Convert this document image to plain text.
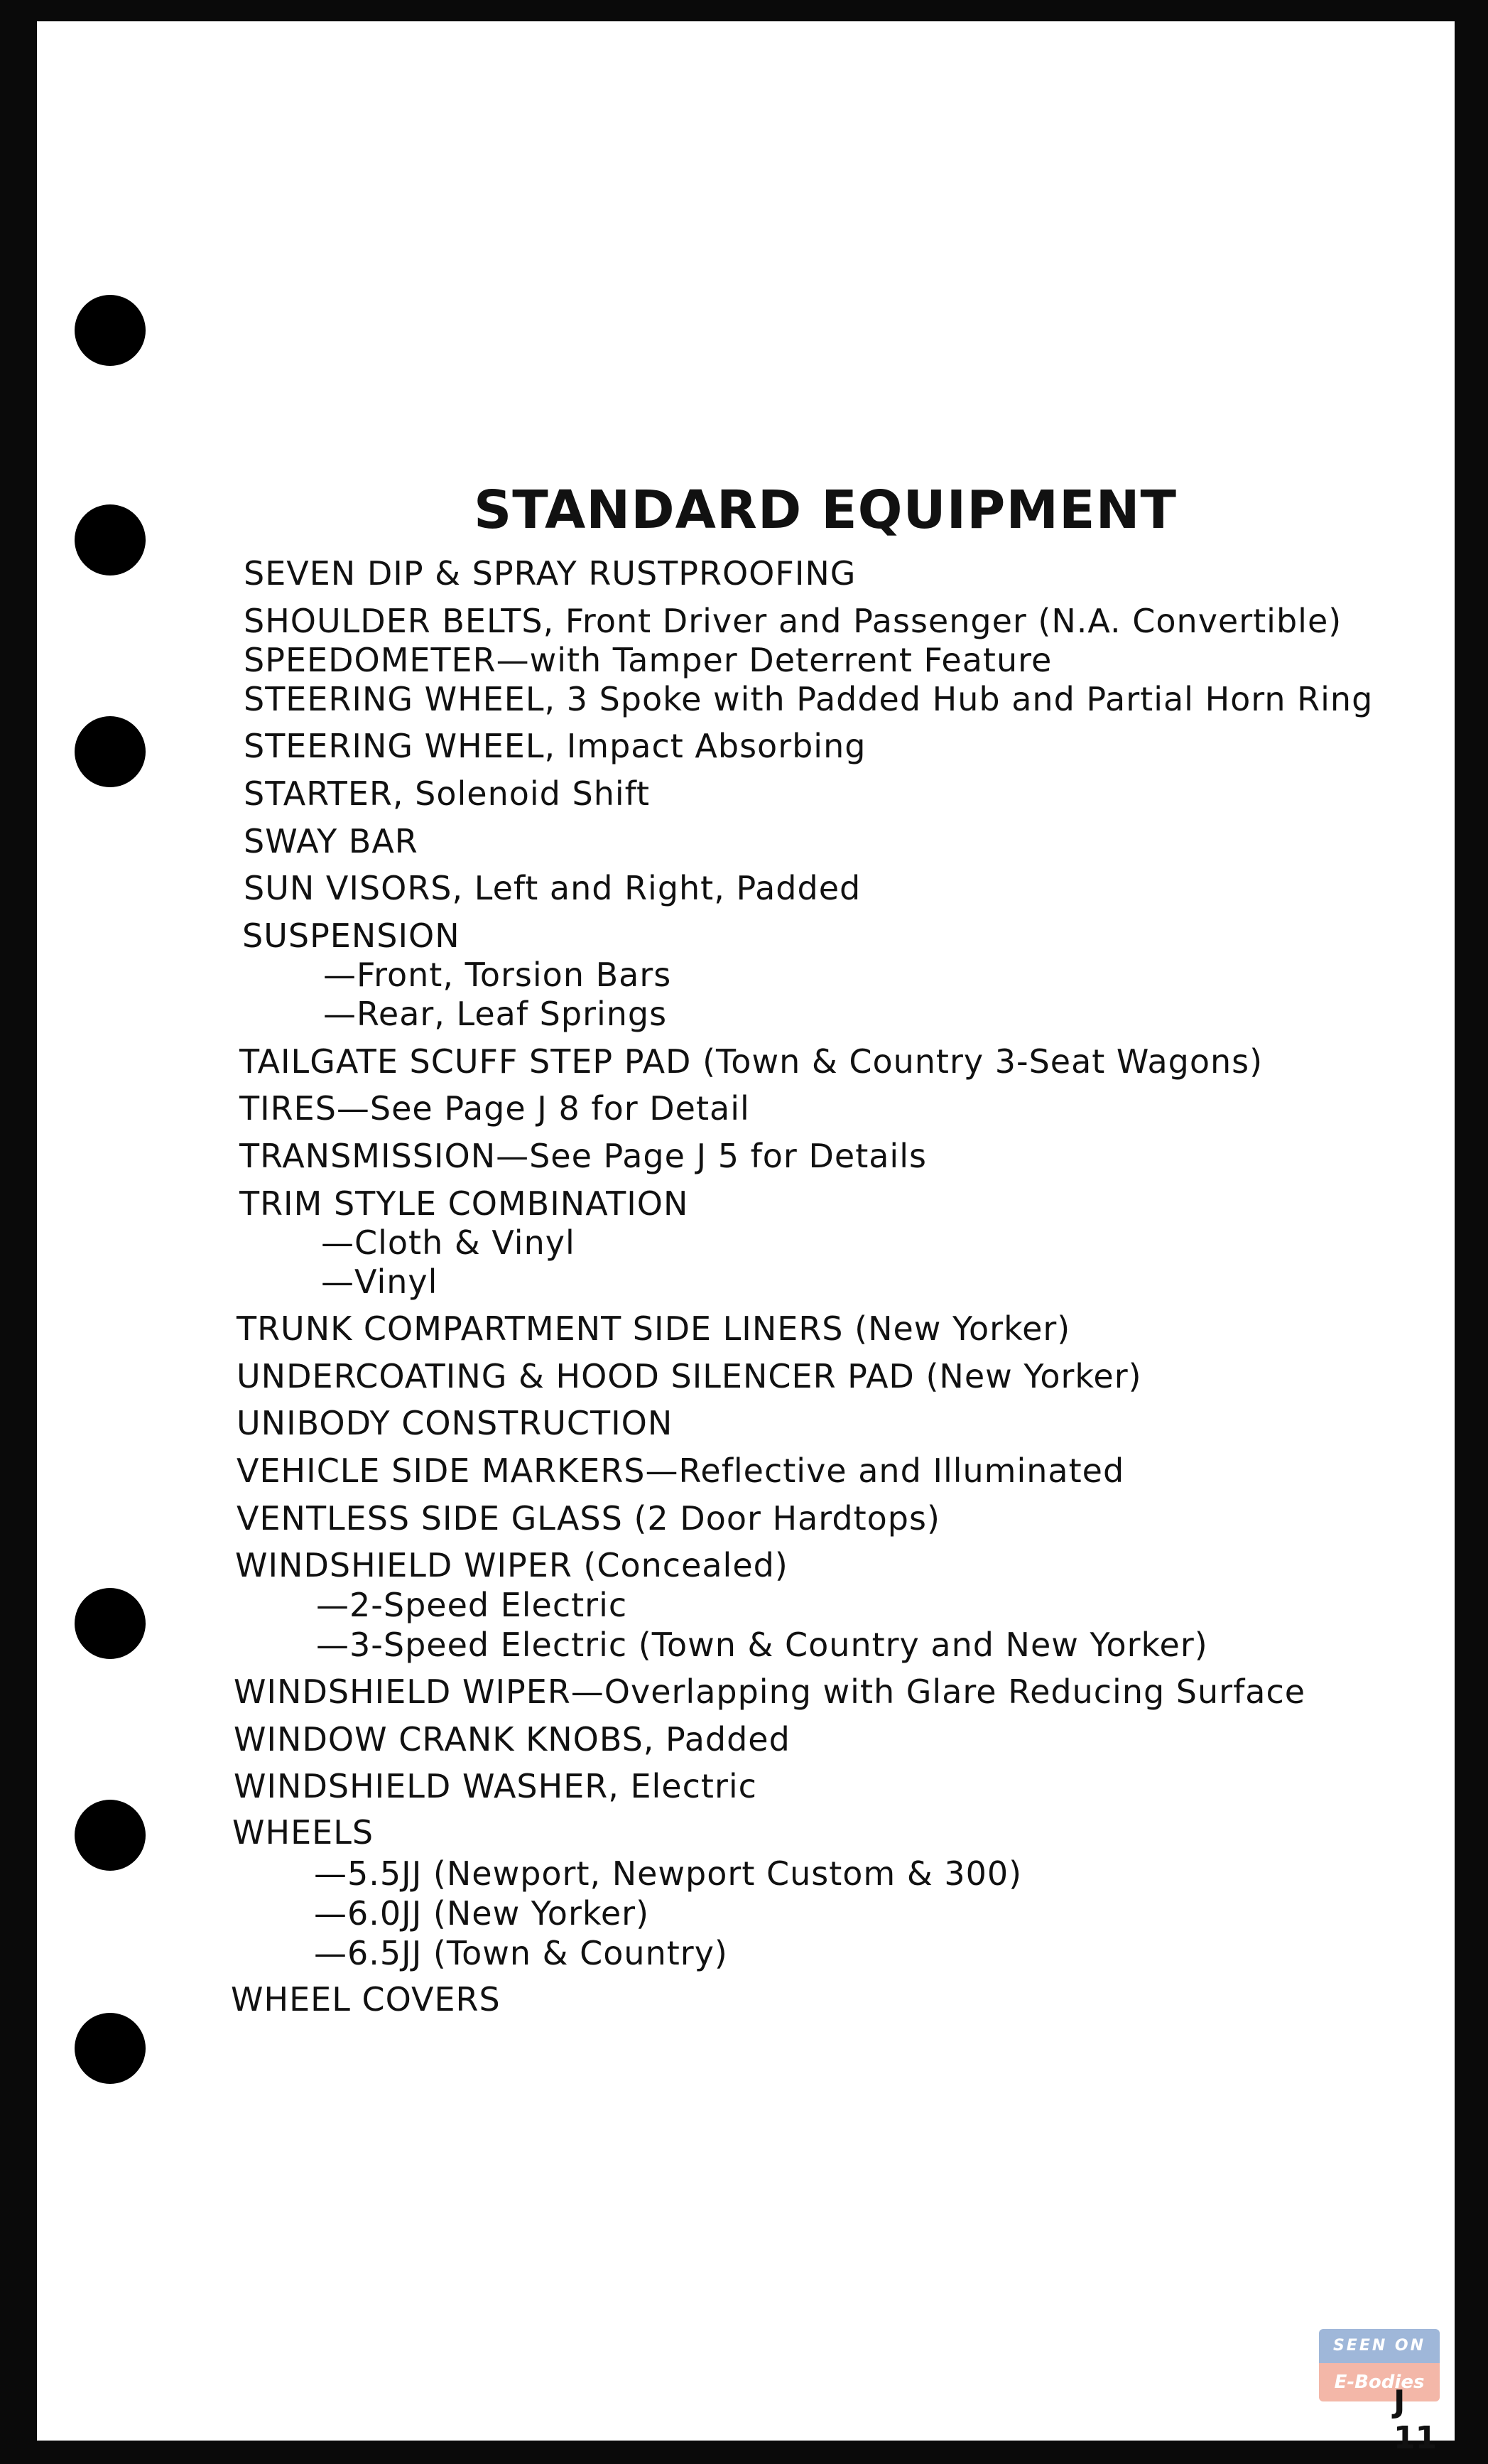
STANDARD EQUIPMENT
SEVEN DIP & SPRAY RUSTPROOFING
SHOULDER BELTS, Front Driver and Passenger (N.A. Convertible)
SPEEDOMETER—with Tamper Deterrent Feature
STEERING WHEEL, 3 Spoke with Padded Hub and Partial Horn Ring
STEERING WHEEL, Impact Absorbing
STARTER, Solenoid Shift
SWAY BAR
SUN VISORS, Left and Right, Padded
SUSPENSION
—Front, Torsion Bars
—Rear, Leaf Springs
TAILGATE SCUFF STEP PAD (Town & Country 3-Seat Wagons)
TIRES—See Page J 8 for Detail
TRANSMISSION—See Page J 5 for Details
TRIM STYLE COMBINATION
—Cloth & Vinyl
—Vinyl
TRUNK COMPARTMENT SIDE LINERS (New Yorker)
UNDERCOATING & HOOD SILENCER PAD (New Yorker)
UNIBODY CONSTRUCTION
VEHICLE SIDE MARKERS—Reflective and Illuminated
VENTLESS SIDE GLASS (2 Door Hardtops)
WINDSHIELD WIPER (Concealed)
—2-Speed Electric
—3-Speed Electric (Town & Country and New Yorker)
WINDSHIELD WIPER—Overlapping with Glare Reducing Surface
WINDOW CRANK KNOBS, Padded
WINDSHIELD WASHER, Electric
WHEELS
—5.5JJ (Newport, Newport Custom & 300)
—6.0JJ (New Yorker)
—6.5JJ (Town & Country)
WHEEL COVERS
SEEN ON
E-Bodies
J 11
